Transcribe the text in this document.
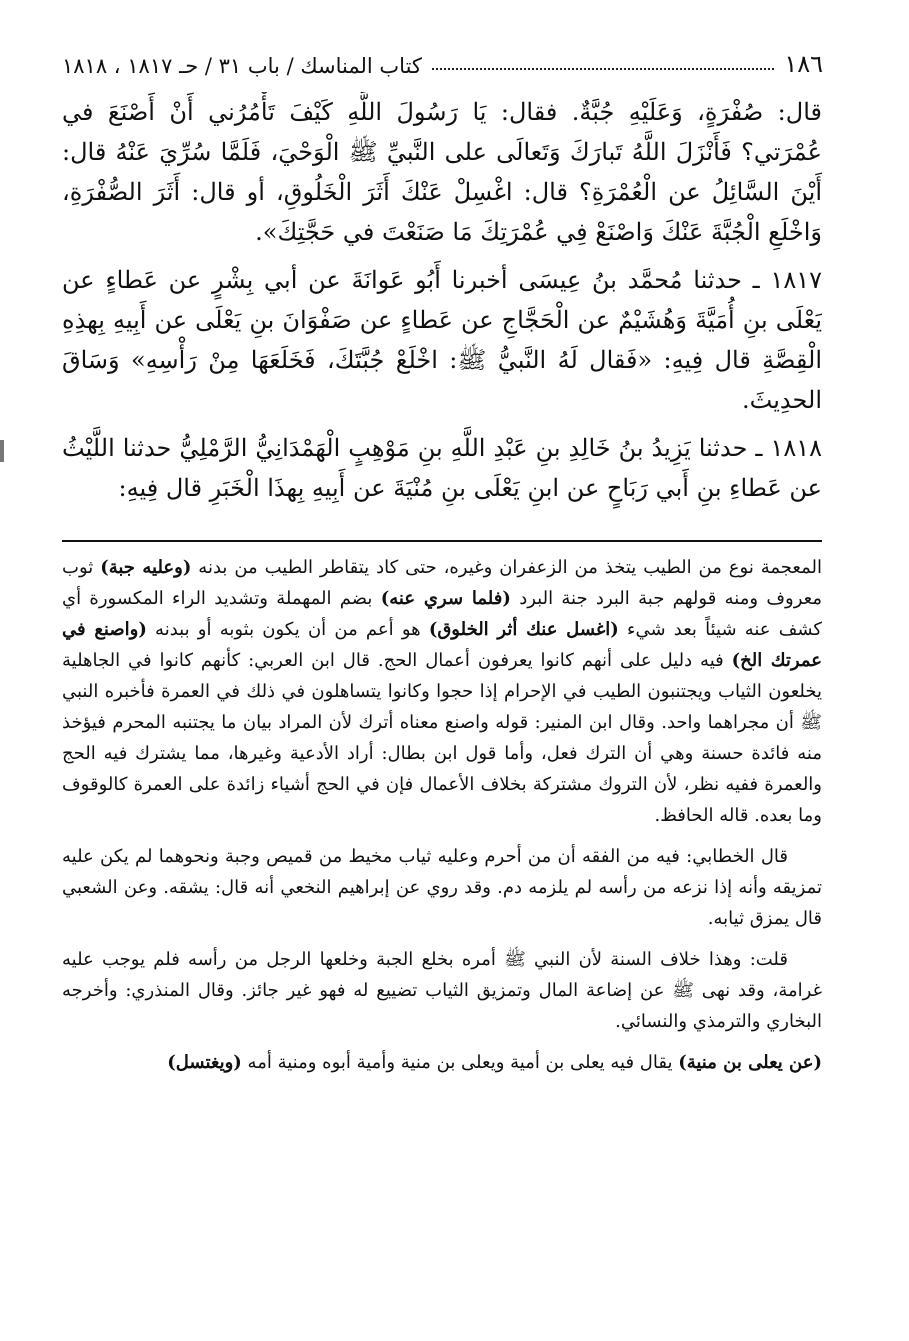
١٨٦
كتاب المناسك / باب ٣١ / حـ ١٨١٧ ، ١٨١٨

قال: صُفْرَةٍ، وَعَلَيْهِ جُبَّةٌ. فقال: يَا رَسُولَ اللَّهِ كَيْفَ تَأْمُرُني أَنْ أَصْنَعَ في عُمْرَتي؟ فَأَنْزَلَ اللَّهُ تَبارَكَ وَتَعالَى على النَّبيِّ ﷺ الْوَحْيَ، فَلَمَّا سُرِّيَ عَنْهُ قال: أَيْنَ السَّائِلُ عن الْعُمْرَةِ؟ قال: اغْسِلْ عَنْكَ أَثَرَ الْخَلُوقِ، أو قال: أَثَرَ الصُّفْرَةِ، وَاخْلَعِ الْجُبَّةَ عَنْكَ وَاصْنَعْ فِي عُمْرَتِكَ مَا صَنَعْتَ في حَجَّتِكَ».

١٨١٧ ـ حدثنا مُحمَّد بنُ عِيسَى أخبرنا أَبُو عَوانَةَ عن أبي بِشْرٍ عن عَطاءٍ عن يَعْلَى بنِ أُمَيَّةَ وَهُشَيْمٌ عن الْحَجَّاجِ عن عَطاءٍ عن صَفْوَانَ بنِ يَعْلَى عن أَبِيهِ بِهذِهِ الْقِصَّةِ قال فِيهِ: «فَقال لَهُ النَّبيُّ ﷺ: اخْلَعْ جُبَّتَكَ، فَخَلَعَهَا مِنْ رَأْسِهِ» وَسَاقَ الحدِيثَ.

١٨١٨ ـ حدثنا يَزِيدُ بنُ خَالِدِ بنِ عَبْدِ اللَّهِ بنِ مَوْهِبٍ الْهَمْدَانِيُّ الرَّمْلِيُّ حدثنا اللَّيْثُ عن عَطاءِ بنِ أَبي رَبَاحٍ عن ابنِ يَعْلَى بنِ مُنْيَةَ عن أَبِيهِ بِهذَا الْخَبَرِ قال فِيهِ:

المعجمة نوع من الطيب يتخذ من الزعفران وغيره، حتى كاد يتقاطر الطيب من بدنه (وعليه جبة) ثوب معروف ومنه قولهم جبة البرد جنة البرد (فلما سري عنه) بضم المهملة وتشديد الراء المكسورة أي كشف عنه شيئاً بعد شيء (اغسل عنك أثر الخلوق) هو أعم من أن يكون بثوبه أو ببدنه (واصنع في عمرتك الخ) فيه دليل على أنهم كانوا يعرفون أعمال الحج. قال ابن العربي: كأنهم كانوا في الجاهلية يخلعون الثياب ويجتنبون الطيب في الإحرام إذا حجوا وكانوا يتساهلون في ذلك في العمرة فأخبره النبي ﷺ أن مجراهما واحد. وقال ابن المنير: قوله واصنع معناه أترك لأن المراد بيان ما يجتنبه المحرم فيؤخذ منه فائدة حسنة وهي أن الترك فعل، وأما قول ابن بطال: أراد الأدعية وغيرها، مما يشترك فيه الحج والعمرة ففيه نظر، لأن التروك مشتركة بخلاف الأعمال فإن في الحج أشياء زائدة على العمرة كالوقوف وما بعده. قاله الحافظ.

قال الخطابي: فيه من الفقه أن من أحرم وعليه ثياب مخيط من قميص وجبة ونحوهما لم يكن عليه تمزيقه وأنه إذا نزعه من رأسه لم يلزمه دم. وقد روي عن إبراهيم النخعي أنه قال: يشقه. وعن الشعبي قال يمزق ثيابه.

قلت: وهذا خلاف السنة لأن النبي ﷺ أمره بخلع الجبة وخلعها الرجل من رأسه فلم يوجب عليه غرامة، وقد نهى ﷺ عن إضاعة المال وتمزيق الثياب تضييع له فهو غير جائز. وقال المنذري: وأخرجه البخاري والترمذي والنسائي.

(عن يعلى بن منية) يقال فيه يعلى بن أمية ويعلى بن منية وأمية أبوه ومنية أمه (ويغتسل)
